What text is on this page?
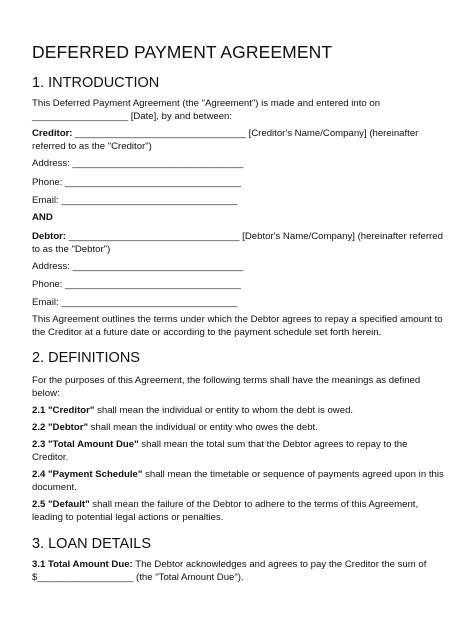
DEFERRED PAYMENT AGREEMENT
1. INTRODUCTION
This Deferred Payment Agreement (the "Agreement") is made and entered into on
__________________ [Date], by and between:
Creditor: ________________________________ [Creditor's Name/Company] (hereinafter
referred to as the "Creditor")
Address: ________________________________
Phone: _________________________________
Email: _________________________________
AND
Debtor: ________________________________ [Debtor's Name/Company] (hereinafter referred
to as the "Debtor")
Address: ________________________________
Phone: _________________________________
Email: _________________________________
This Agreement outlines the terms under which the Debtor agrees to repay a specified amount to
the Creditor at a future date or according to the payment schedule set forth herein.
2. DEFINITIONS
For the purposes of this Agreement, the following terms shall have the meanings as defined
below:
2.1 "Creditor" shall mean the individual or entity to whom the debt is owed.
2.2 "Debtor" shall mean the individual or entity who owes the debt.
2.3 "Total Amount Due" shall mean the total sum that the Debtor agrees to repay to the
Creditor.
2.4 "Payment Schedule" shall mean the timetable or sequence of payments agreed upon in this
document.
2.5 "Default" shall mean the failure of the Debtor to adhere to the terms of this Agreement,
leading to potential legal actions or penalties.
3. LOAN DETAILS
3.1 Total Amount Due: The Debtor acknowledges and agrees to pay the Creditor the sum of
$__________________ (the "Total Amount Due").
